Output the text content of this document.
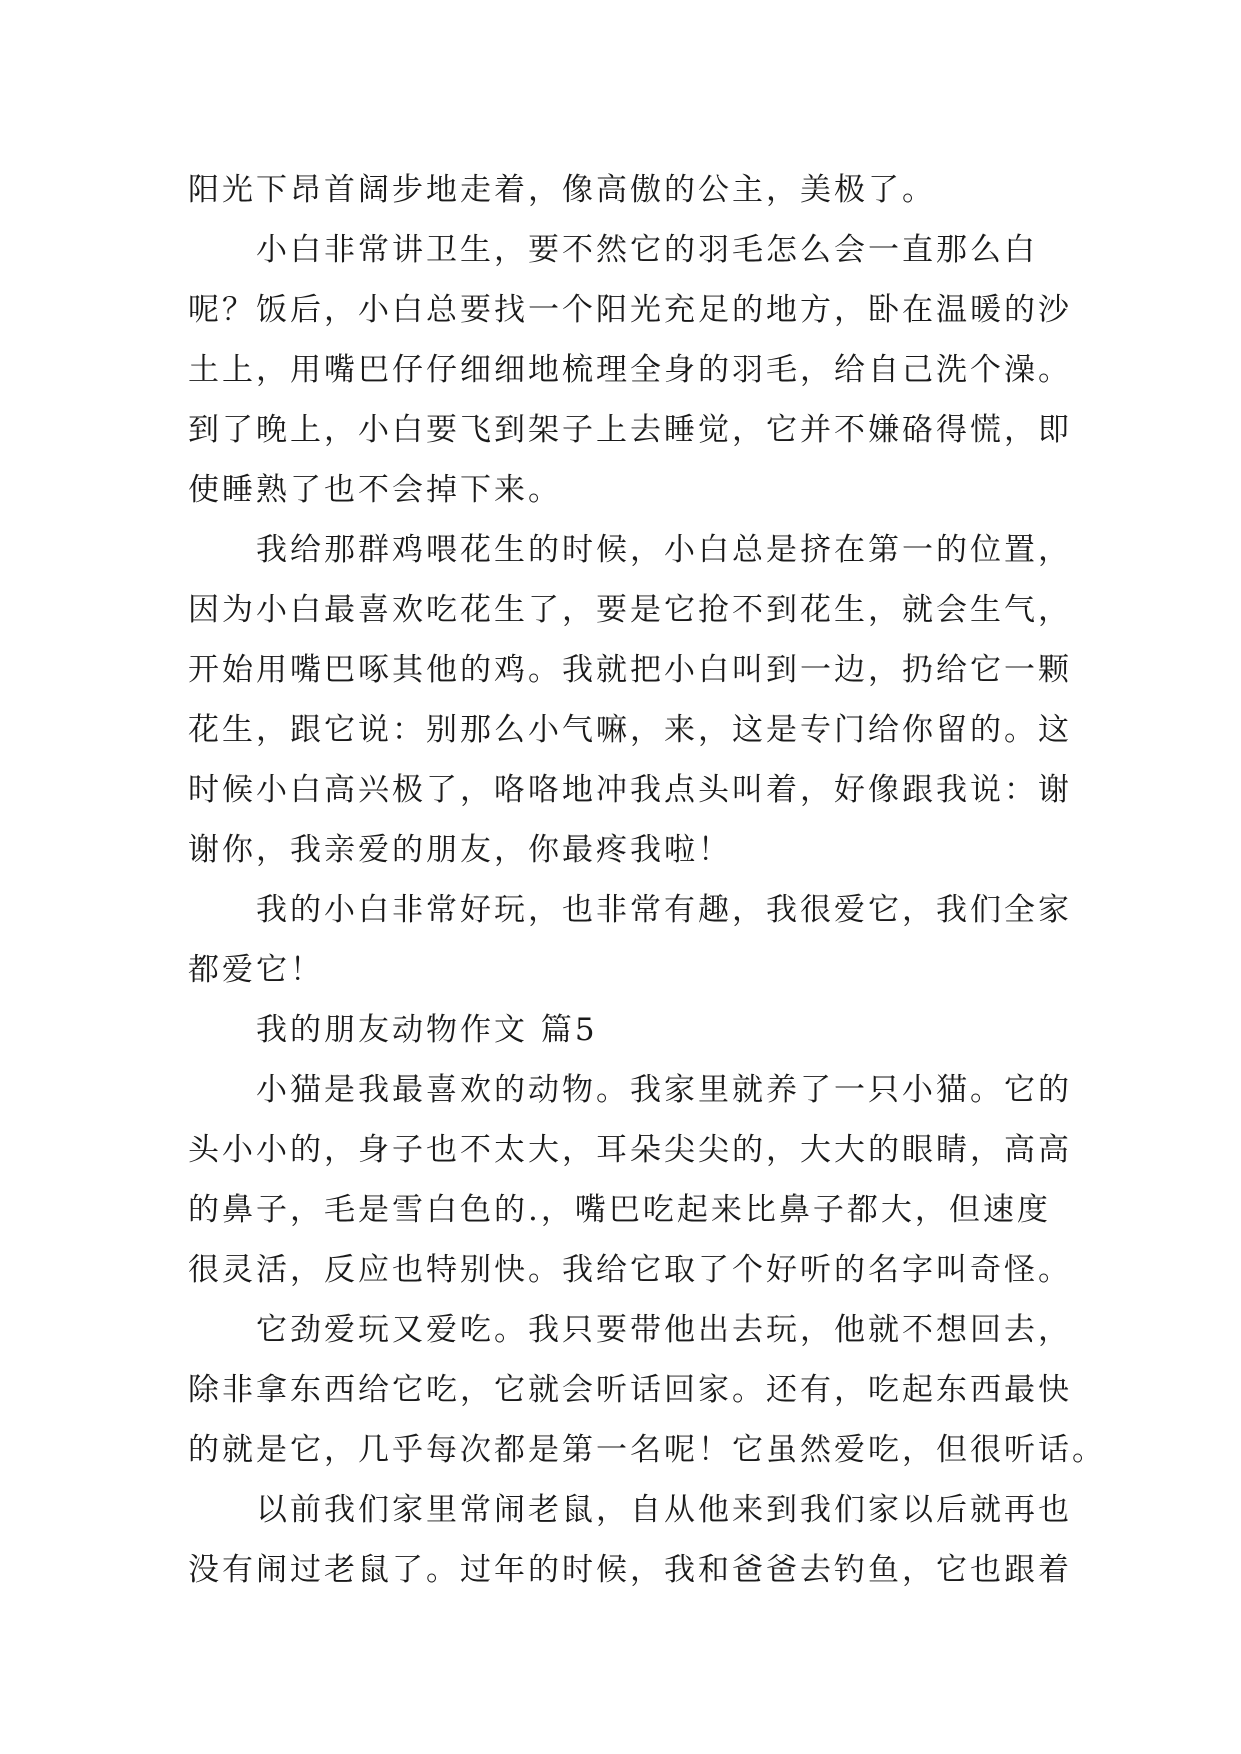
阳光下昂首阔步地走着，像高傲的公主，美极了。
小白非常讲卫生，要不然它的羽毛怎么会一直那么白
呢？饭后，小白总要找一个阳光充足的地方，卧在温暖的沙
土上，用嘴巴仔仔细细地梳理全身的羽毛，给自己洗个澡。
到了晚上，小白要飞到架子上去睡觉，它并不嫌硌得慌，即
使睡熟了也不会掉下来。
我给那群鸡喂花生的时候，小白总是挤在第一的位置，
因为小白最喜欢吃花生了，要是它抢不到花生，就会生气，
开始用嘴巴啄其他的鸡。我就把小白叫到一边，扔给它一颗
花生，跟它说：别那么小气嘛，来，这是专门给你留的。这
时候小白高兴极了，咯咯地冲我点头叫着，好像跟我说：谢
谢你，我亲爱的朋友，你最疼我啦！
我的小白非常好玩，也非常有趣，我很爱它，我们全家
都爱它！
我的朋友动物作文 篇5
小猫是我最喜欢的动物。我家里就养了一只小猫。它的
头小小的，身子也不太大，耳朵尖尖的，大大的眼睛，高高
的鼻子，毛是雪白色的.，嘴巴吃起来比鼻子都大，但速度
很灵活，反应也特别快。我给它取了个好听的名字叫奇怪。
它劲爱玩又爱吃。我只要带他出去玩，他就不想回去，
除非拿东西给它吃，它就会听话回家。还有，吃起东西最快
的就是它，几乎每次都是第一名呢！它虽然爱吃，但很听话。
以前我们家里常闹老鼠，自从他来到我们家以后就再也
没有闹过老鼠了。过年的时候，我和爸爸去钓鱼，它也跟着
